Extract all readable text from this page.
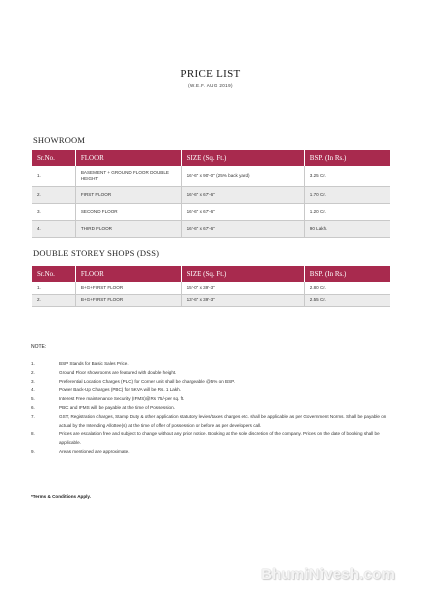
PRICE LIST
(W.E.F. AUG 2019)
SHOWROOM
Sr.No.	FLOOR	SIZE (Sq. Ft.)	BSP. (In Rs.)
1.	BASEMENT + GROUND FLOOR DOUBLE HEIGHT	16'-6" x 90'-0" (25% back yard)	3.25 Cr.
2.	FIRST FLOOR	16'-6" x 67'-6"	1.70 Cr.
3.	SECOND FLOOR	16'-6" x 67'-6"	1.20 Cr.
4.	THIRD FLOOR	16'-6" x 67'-6"	90 Lakh.
DOUBLE STOREY SHOPS (DSS)
Sr.No.	FLOOR	SIZE (Sq. Ft.)	BSP. (In Rs.)
1.	B+G+FIRST FLOOR	15'-0" x 39'-3"	2.80 Cr.
2.	B+G+FIRST FLOOR	13'-6" x 39'-3"	2.55 Cr.
NOTE:
1.	BSP Stands for Basic Sales Price.
2.	Ground Floor showrooms are featured with double height.
3.	Preferential Location Charges (PLC) for Corner unit shall be chargeable @5% on BSP.
4.	Power Back-Up Charges (PBC) for 5KVA will be Rs. 1 Lakh.
5.	Interest Free maintenance Security (IFMS)@Rs 75/-per sq. ft.
6.	PBC and IFMS will be payable at the time of Possession.
7.	GST, Registration charges, Stamp Duty & other application statutory levies/taxes charges etc. shall be applicable as per Government Norms. Shall be payable on actual by the Intending Allottee(s) at the time of offer of possession or before as per developers call.
8.	Prices are escalation free and subject to change without any prior notice. Booking at the sole discretion of the company. Prices on the date of booking shall be applicable.
9.	Areas mentioned are approximate.
*Terms & Conditions Apply.
BhumiNivesh.com
